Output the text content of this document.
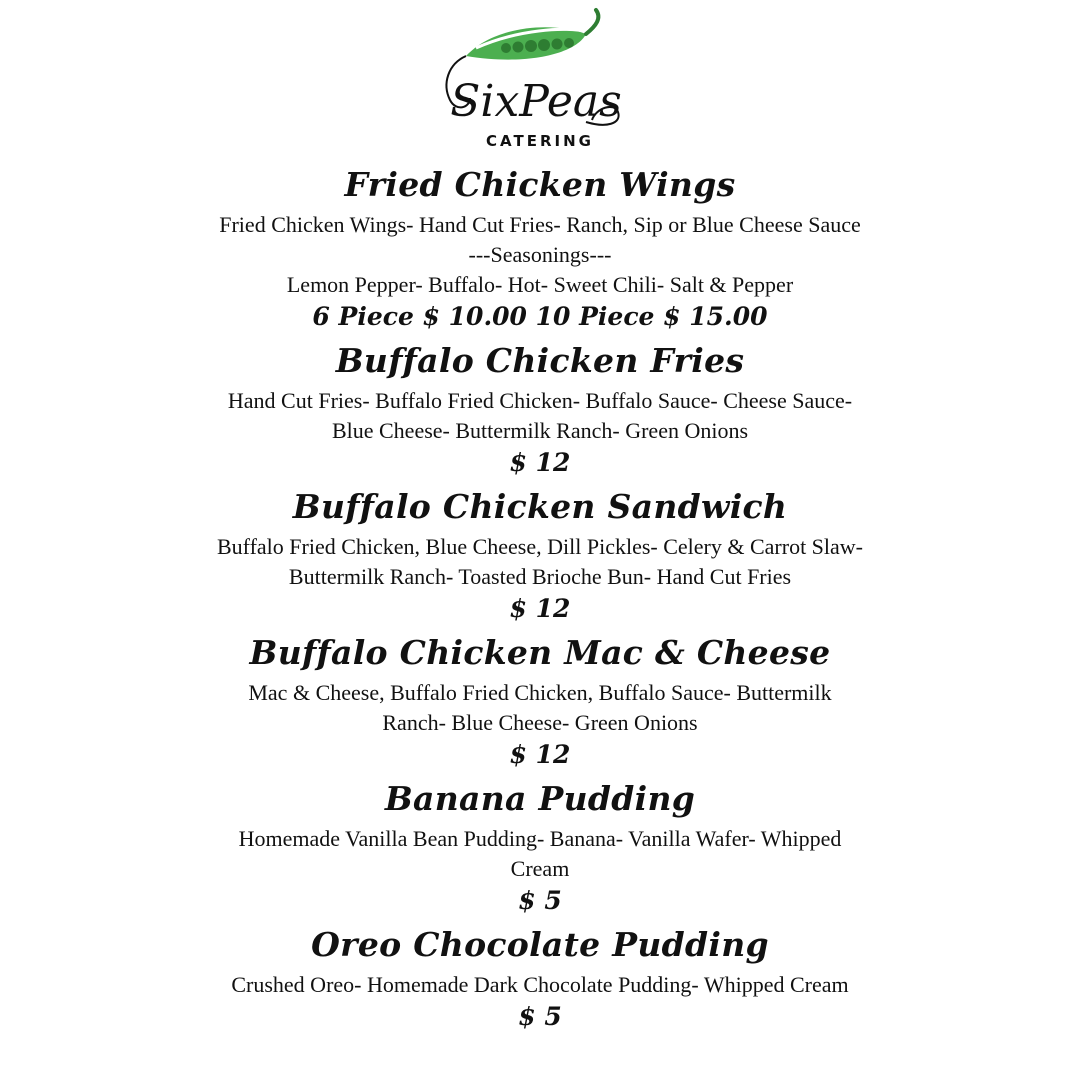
SixPeas
CATERING
Fried Chicken Wings
Fried Chicken Wings- Hand Cut Fries- Ranch, Sip or Blue Cheese Sauce
---Seasonings---
Lemon Pepper- Buffalo- Hot- Sweet Chili- Salt & Pepper
6 Piece $ 10.00 10 Piece $ 15.00
Buffalo Chicken Fries
Hand Cut Fries- Buffalo Fried Chicken- Buffalo Sauce- Cheese Sauce-
Blue Cheese- Buttermilk Ranch- Green Onions
$ 12
Buffalo Chicken Sandwich
Buffalo Fried Chicken, Blue Cheese, Dill Pickles- Celery & Carrot Slaw-
Buttermilk Ranch- Toasted Brioche Bun- Hand Cut Fries
$ 12
Buffalo Chicken Mac & Cheese
Mac & Cheese, Buffalo Fried Chicken, Buffalo Sauce- Buttermilk
Ranch- Blue Cheese- Green Onions
$ 12
Banana Pudding
Homemade Vanilla Bean Pudding- Banana- Vanilla Wafer- Whipped
Cream
$ 5
Oreo Chocolate Pudding
Crushed Oreo- Homemade Dark Chocolate Pudding- Whipped Cream
$ 5
